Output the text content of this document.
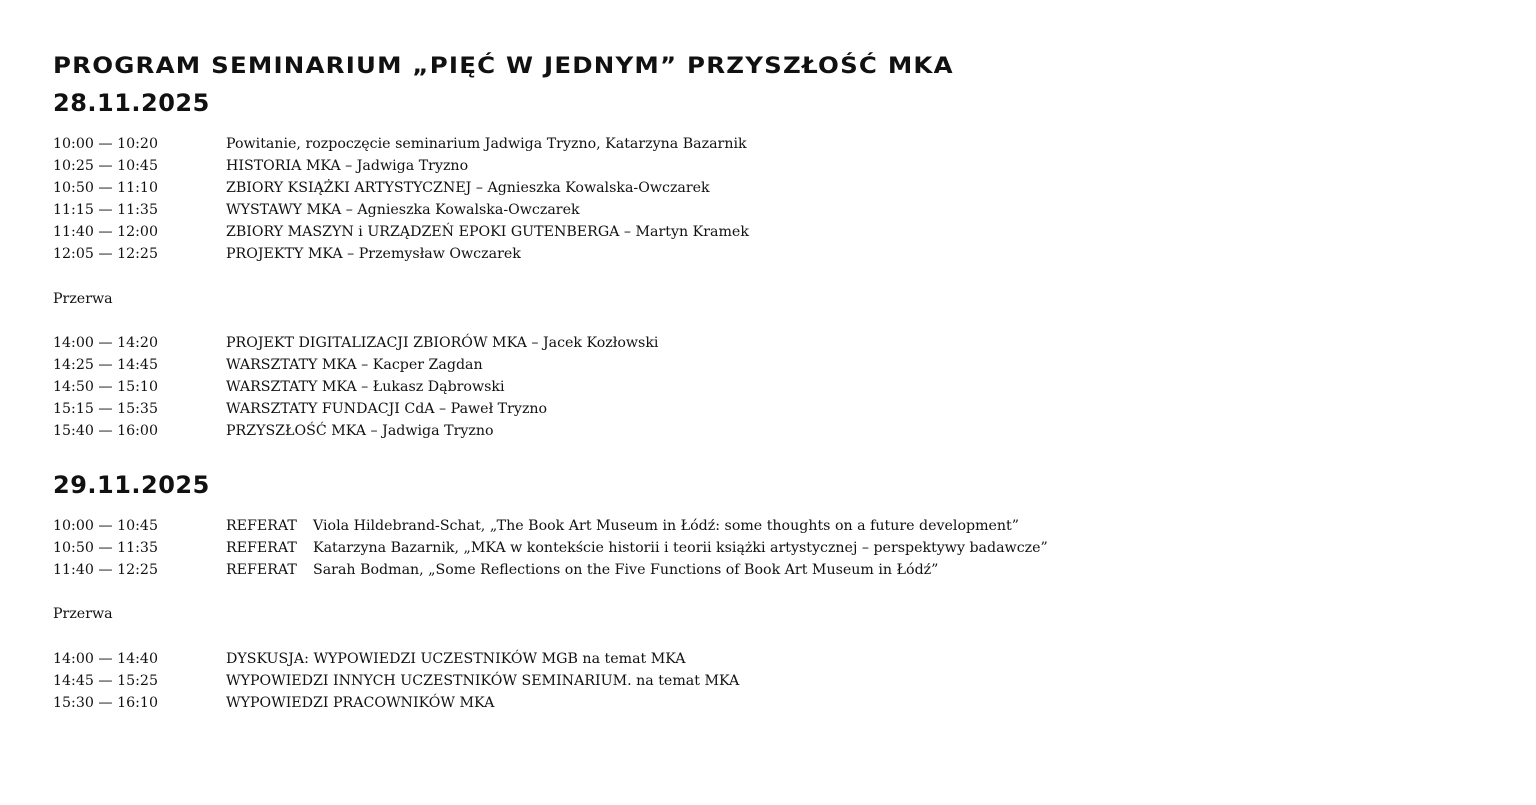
PROGRAM SEMINARIUM „PIĘĆ W JEDNYM” PRZYSZŁOŚĆ MKA
28.11.2025
10:00 — 10:20	Powitanie, rozpoczęcie seminarium Jadwiga Tryzno, Katarzyna Bazarnik
10:25 — 10:45	HISTORIA MKA – Jadwiga Tryzno
10:50 — 11:10	ZBIORY KSIĄŻKI ARTYSTYCZNEJ – Agnieszka Kowalska-Owczarek
11:15 — 11:35	WYSTAWY MKA – Agnieszka Kowalska-Owczarek
11:40 — 12:00	ZBIORY MASZYN i URZĄDZEŃ EPOKI GUTENBERGA – Martyn Kramek
12:05 — 12:25	PROJEKTY MKA – Przemysław Owczarek
Przerwa
14:00 — 14:20	PROJEKT DIGITALIZACJI ZBIORÓW MKA – Jacek Kozłowski
14:25 — 14:45	WARSZTATY MKA – Kacper Zagdan
14:50 — 15:10	WARSZTATY MKA – Łukasz Dąbrowski
15:15 — 15:35	WARSZTATY FUNDACJI CdA – Paweł Tryzno
15:40 — 16:00	PRZYSZŁOŚĆ MKA – Jadwiga Tryzno
29.11.2025
10:00 — 10:45	REFERAT Viola Hildebrand-Schat, „The Book Art Museum in Łódź: some thoughts on a future development”
10:50 — 11:35	REFERAT Katarzyna Bazarnik, „MKA w kontekście historii i teorii książki artystycznej – perspektywy badawcze”
11:40 — 12:25	REFERAT Sarah Bodman, „Some Reflections on the Five Functions of Book Art Museum in Łódź”
Przerwa
14:00 — 14:40	DYSKUSJA: WYPOWIEDZI UCZESTNIKÓW MGB na temat MKA
14:45 — 15:25	WYPOWIEDZI INNYCH UCZESTNIKÓW SEMINARIUM. na temat MKA
15:30 — 16:10	WYPOWIEDZI PRACOWNIKÓW MKA
